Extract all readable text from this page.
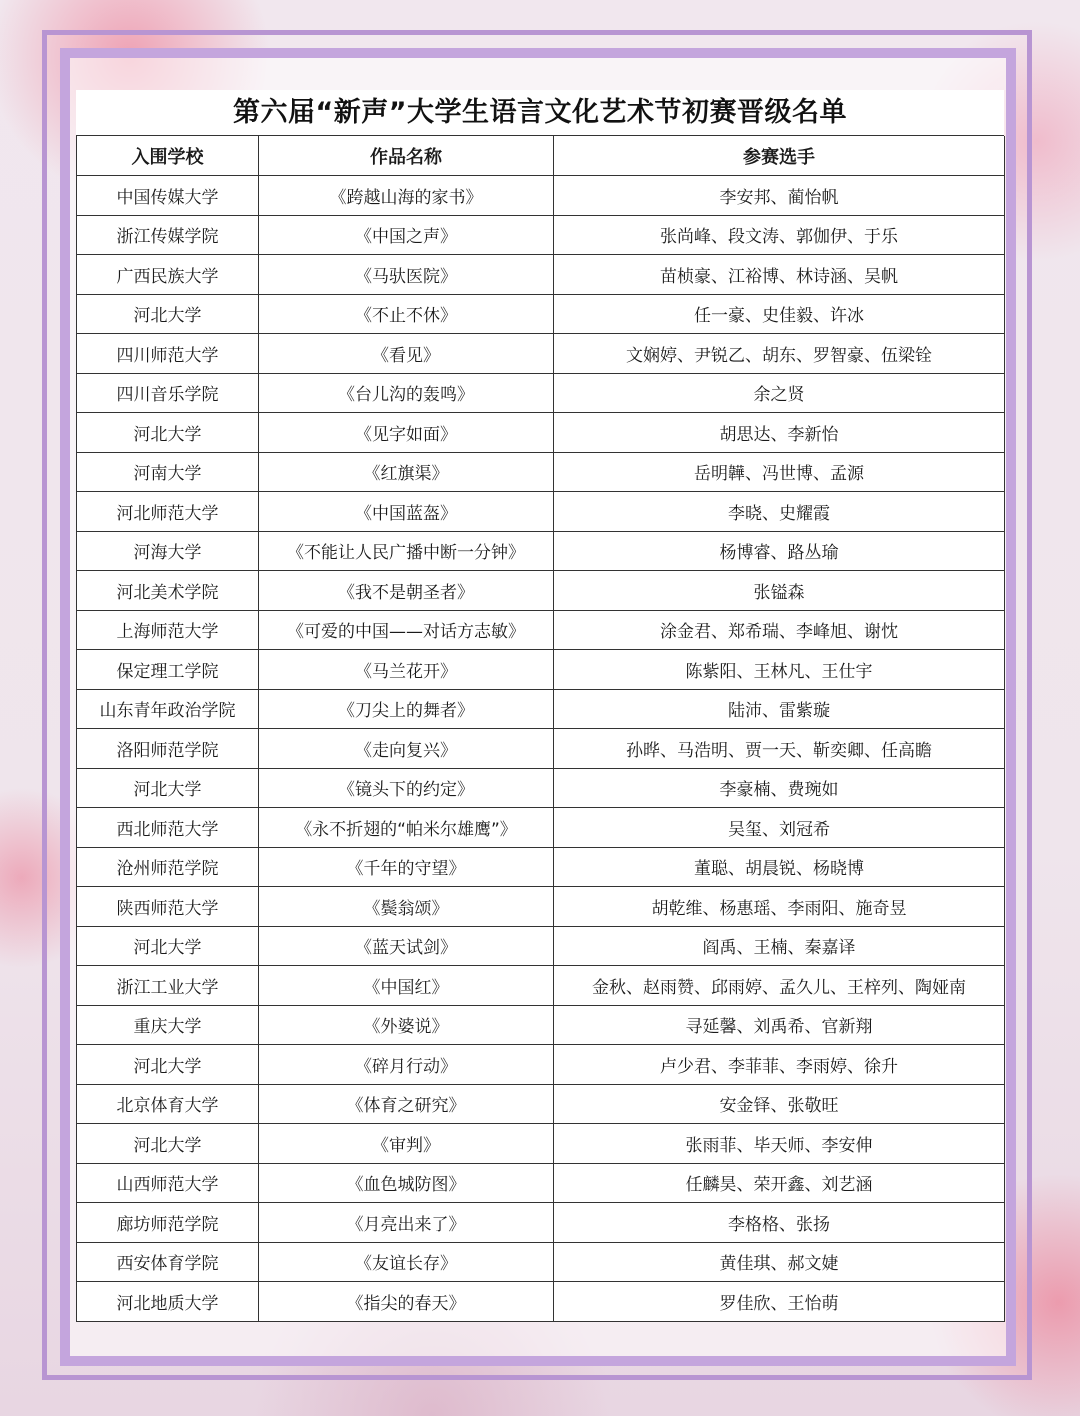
第六届“新声”大学生语言文化艺术节初赛晋级名单
入围学校	作品名称	参赛选手
中国传媒大学	《跨越山海的家书》	李安邦、蔺怡帆
浙江传媒学院	《中国之声》	张尚峰、段文涛、郭伽伊、于乐
广西民族大学	《马驮医院》	苗桢豪、江裕博、林诗涵、吴帆
河北大学	《不止不休》	任一豪、史佳毅、许冰
四川师范大学	《看见》	文娴婷、尹锐乙、胡东、罗智豪、伍梁铨
四川音乐学院	《台儿沟的轰鸣》	余之贤
河北大学	《见字如面》	胡思达、李新怡
河南大学	《红旗渠》	岳明韡、冯世博、孟源
河北师范大学	《中国蓝盔》	李晓、史耀霞
河海大学	《不能让人民广播中断一分钟》	杨博睿、路丛瑜
河北美术学院	《我不是朝圣者》	张镒森
上海师范大学	《可爱的中国——对话方志敏》	涂金君、郑希瑞、李峰旭、谢忱
保定理工学院	《马兰花开》	陈紫阳、王林凡、王仕宇
山东青年政治学院	《刀尖上的舞者》	陆沛、雷紫璇
洛阳师范学院	《走向复兴》	孙晔、马浩明、贾一天、靳奕卿、任高瞻
河北大学	《镜头下的约定》	李豪楠、费琬如
西北师范大学	《永不折翅的“帕米尔雄鹰”》	吴玺、刘冠希
沧州师范学院	《千年的守望》	董聪、胡晨锐、杨晓博
陕西师范大学	《鬓翁颂》	胡乾维、杨惠瑶、李雨阳、施奇昱
河北大学	《蓝天试剑》	阎禹、王楠、秦嘉译
浙江工业大学	《中国红》	金秋、赵雨赞、邱雨婷、孟久儿、王梓列、陶娅南
重庆大学	《外婆说》	寻延馨、刘禹希、官新翔
河北大学	《碎月行动》	卢少君、李菲菲、李雨婷、徐升
北京体育大学	《体育之研究》	安金铎、张敬旺
河北大学	《审判》	张雨菲、毕天师、李安伸
山西师范大学	《血色城防图》	任麟昊、荣开鑫、刘艺涵
廊坊师范学院	《月亮出来了》	李格格、张扬
西安体育学院	《友谊长存》	黄佳琪、郝文婕
河北地质大学	《指尖的春天》	罗佳欣、王怡萌
